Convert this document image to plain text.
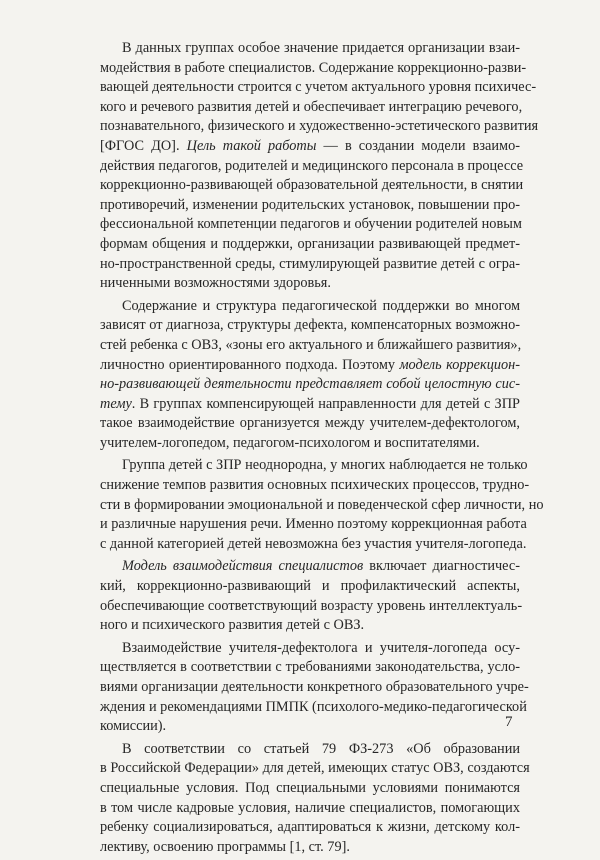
В данных группах особое значение придается организации взаи-
модействия в работе специалистов. Содержание коррекционно-разви-
вающей деятельности строится с учетом актуального уровня психичес-
кого и речевого развития детей и обеспечивает интеграцию речевого,
познавательного, физического и художественно-эстетического развития
[ФГОС ДО]. Цель такой работы — в создании модели взаимо-
действия педагогов, родителей и медицинского персонала в процессе
коррекционно-развивающей образовательной деятельности, в снятии
противоречий, изменении родительских установок, повышении про-
фессиональной компетенции педагогов и обучении родителей новым
формам общения и поддержки, организации развивающей предмет-
но-пространственной среды, стимулирующей развитие детей с огра-
ниченными возможностями здоровья.
Содержание и структура педагогической поддержки во многом
зависят от диагноза, структуры дефекта, компенсаторных возможно-
стей ребенка с ОВЗ, «зоны его актуального и ближайшего развития»,
личностно ориентированного подхода. Поэтому модель коррекцион-
но-развивающей деятельности представляет собой целостную сис-
тему. В группах компенсирующей направленности для детей с ЗПР
такое взаимодействие организуется между учителем-дефектологом,
учителем-логопедом, педагогом-психологом и воспитателями.
Группа детей с ЗПР неоднородна, у многих наблюдается не только
снижение темпов развития основных психических процессов, трудно-
сти в формировании эмоциональной и поведенческой сфер личности, но
и различные нарушения речи. Именно поэтому коррекционная работа
с данной категорией детей невозможна без участия учителя-логопеда.
Модель взаимодействия специалистов включает диагностичес-
кий, коррекционно-развивающий и профилактический аспекты,
обеспечивающие соответствующий возрасту уровень интеллектуаль-
ного и психического развития детей с ОВЗ.
Взаимодействие учителя-дефектолога и учителя-логопеда осу-
ществляется в соответствии с требованиями законодательства, усло-
виями организации деятельности конкретного образовательного учре-
ждения и рекомендациями ПМПК (психолого-медико-педагогической
комиссии).
В соответствии со статьей 79 ФЗ-273 «Об образовании
в Российской Федерации» для детей, имеющих статус ОВЗ, создаются
специальные условия. Под специальными условиями понимаются
в том числе кадровые условия, наличие специалистов, помогающих
ребенку социализироваться, адаптироваться к жизни, детскому кол-
лективу, освоению программы [1, ст. 79].
7
